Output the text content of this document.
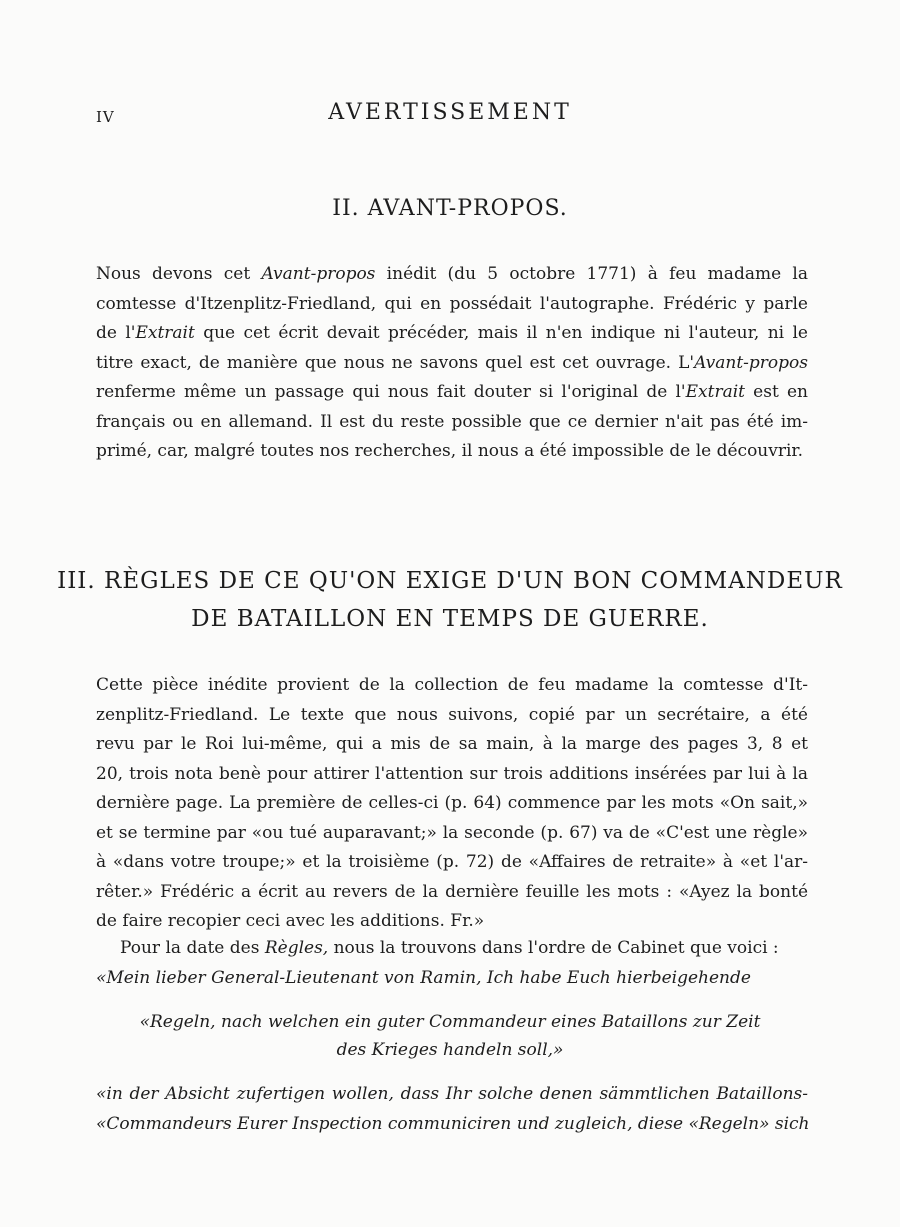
IV	AVERTISSEMENT
II. AVANT-PROPOS.
Nous devons cet Avant-propos inédit (du 5 octobre 1771) à feu madame la
comtesse d'Itzenplitz-Friedland, qui en possédait l'autographe. Frédéric y parle
de l'Extrait que cet écrit devait précéder, mais il n'en indique ni l'auteur, ni le
titre exact, de manière que nous ne savons quel est cet ouvrage. L'Avant-propos
renferme même un passage qui nous fait douter si l'original de l'Extrait est en
français ou en allemand. Il est du reste possible que ce dernier n'ait pas été im-
primé, car, malgré toutes nos recherches, il nous a été impossible de le découvrir.
III. RÈGLES DE CE QU'ON EXIGE D'UN BON COMMANDEUR
DE BATAILLON EN TEMPS DE GUERRE.
Cette pièce inédite provient de la collection de feu madame la comtesse d'It-
zenplitz-Friedland. Le texte que nous suivons, copié par un secrétaire, a été
revu par le Roi lui-même, qui a mis de sa main, à la marge des pages 3, 8 et
20, trois nota benè pour attirer l'attention sur trois additions insérées par lui à la
dernière page. La première de celles-ci (p. 64) commence par les mots «On sait,»
et se termine par «ou tué auparavant;» la seconde (p. 67) va de «C'est une règle»
à «dans votre troupe;» et la troisième (p. 72) de «Affaires de retraite» à «et l'ar-
rêter.» Frédéric a écrit au revers de la dernière feuille les mots : «Ayez la bonté
de faire recopier ceci avec les additions. Fr.»
Pour la date des Règles, nous la trouvons dans l'ordre de Cabinet que voici :
«Mein lieber General-Lieutenant von Ramin, Ich habe Euch hierbeigehende
«Regeln, nach welchen ein guter Commandeur eines Bataillons zur Zeit
des Krieges handeln soll,»
«in der Absicht zufertigen wollen, dass Ihr solche denen sämmtlichen Bataillons-
«Commandeurs Eurer Inspection communiciren und zugleich, diese «Regeln» sich
